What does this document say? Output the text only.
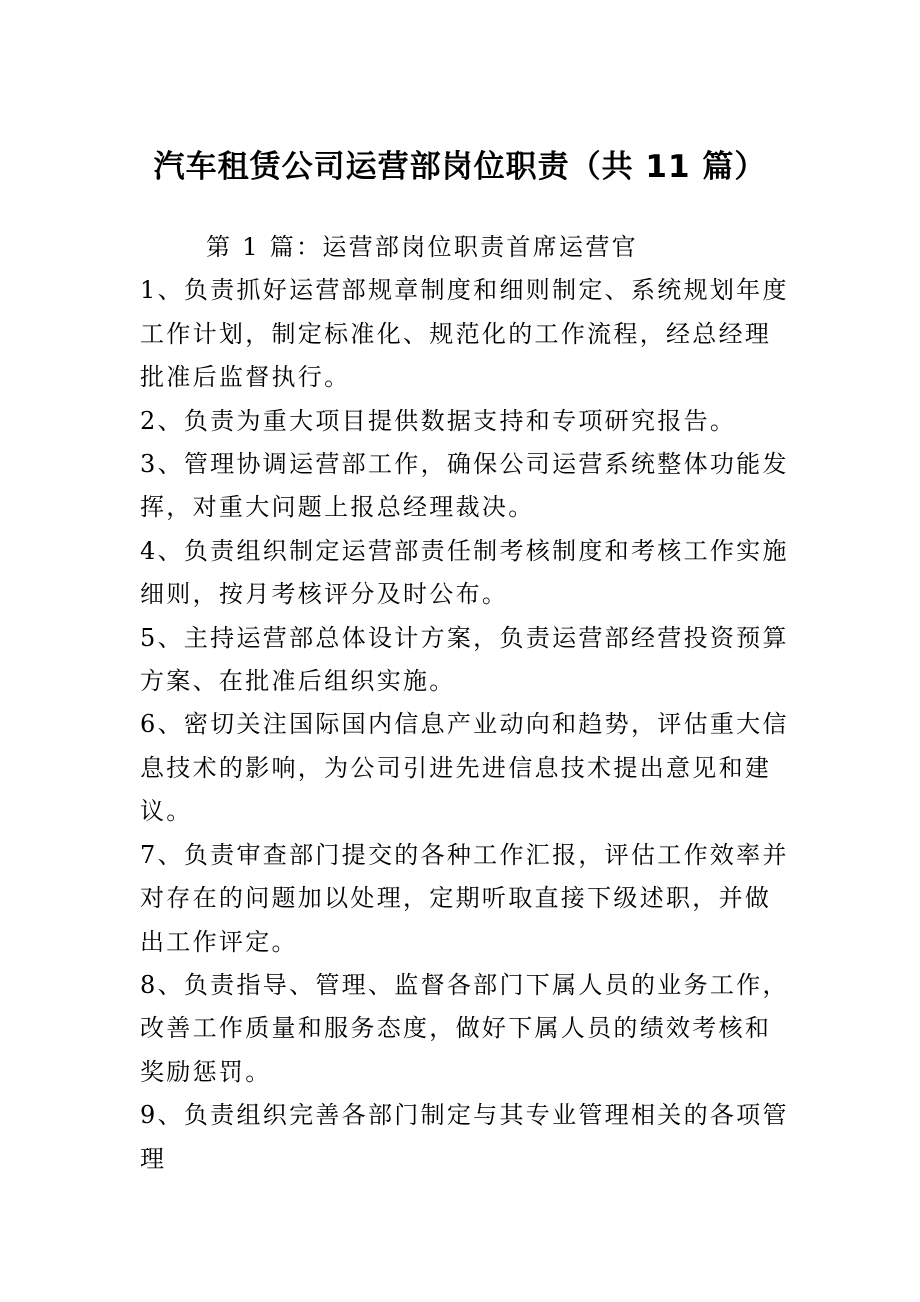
汽车租赁公司运营部岗位职责（共 11 篇）

第 1 篇：运营部岗位职责首席运营官

1、负责抓好运营部规章制度和细则制定、系统规划年度工作计划，制定标准化、规范化的工作流程，经总经理批准后监督执行。

2、负责为重大项目提供数据支持和专项研究报告。

3、管理协调运营部工作，确保公司运营系统整体功能发挥，对重大问题上报总经理裁决。

4、负责组织制定运营部责任制考核制度和考核工作实施细则，按月考核评分及时公布。

5、主持运营部总体设计方案，负责运营部经营投资预算方案、在批准后组织实施。

6、密切关注国际国内信息产业动向和趋势，评估重大信息技术的影响，为公司引进先进信息技术提出意见和建议。

7、负责审查部门提交的各种工作汇报，评估工作效率并对存在的问题加以处理，定期听取直接下级述职，并做出工作评定。

8、负责指导、管理、监督各部门下属人员的业务工作，改善工作质量和服务态度，做好下属人员的绩效考核和奖励惩罚。

9、负责组织完善各部门制定与其专业管理相关的各项管理
